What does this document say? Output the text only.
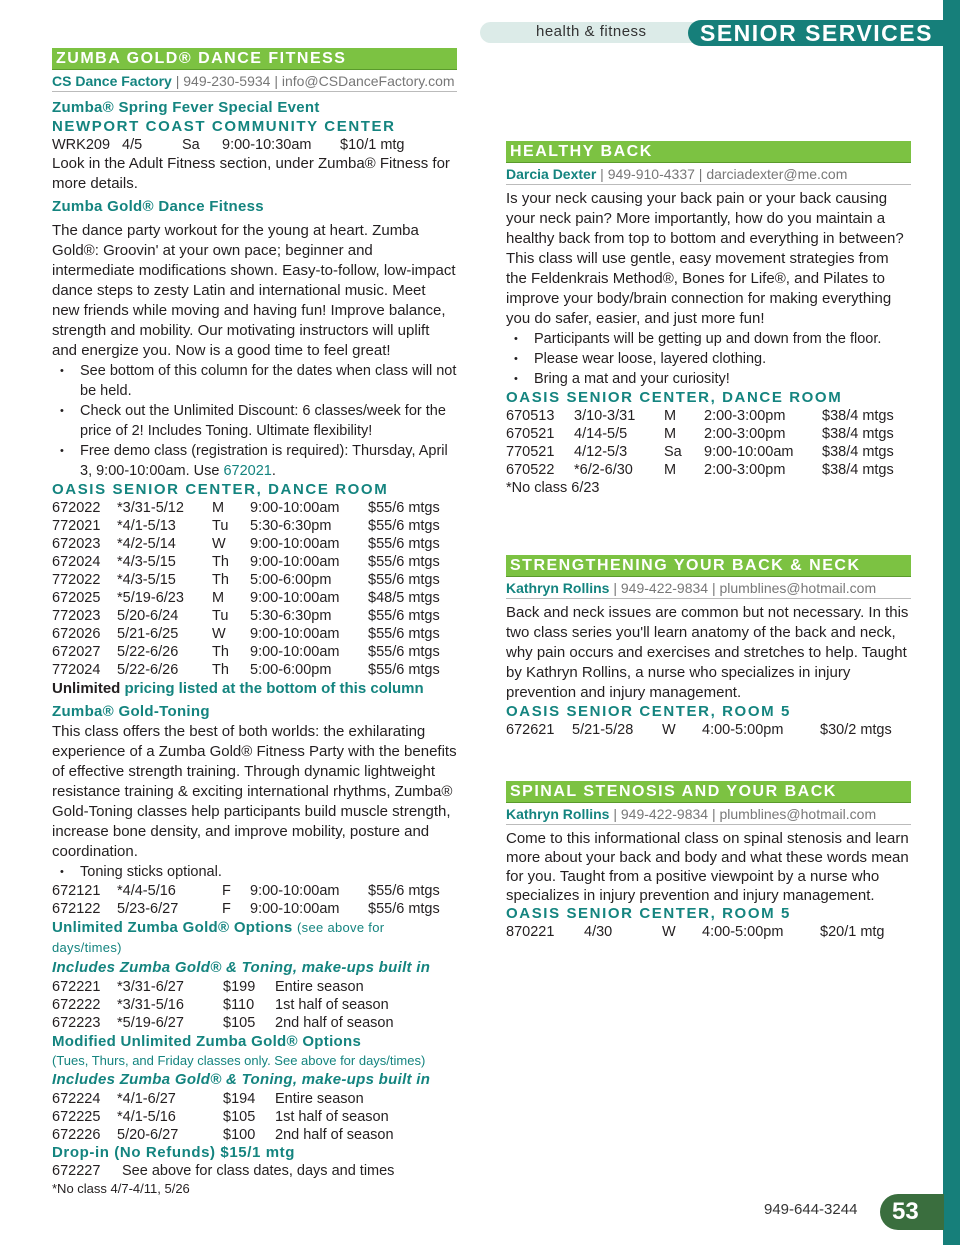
health & fitness	SENIOR SERVICES
ZUMBA GOLD® DANCE FITNESS
CS Dance Factory | 949-230-5934 | info@CSDanceFactory.com
Zumba® Spring Fever Special Event
NEWPORT COAST COMMUNITY CENTER
WRK209 4/5	Sa	9:00-10:30am	$10/1 mtg

Look in the Adult Fitness section, under Zumba® Fitness for more details.

Zumba Gold® Dance Fitness

The dance party workout for the young at heart. Zumba Gold®: Groovin' at your own pace; beginner and intermediate modifications shown. Easy-to-follow, low-impact dance steps to zesty Latin and international music. Meet new friends while moving and having fun! Improve balance, strength and mobility. Our motivating instructors will uplift and energize you. Now is a good time to feel great!

• See bottom of this column for the dates when class will not be held.
• Check out the Unlimited Discount: 6 classes/week for the price of 2! Includes Toning. Ultimate flexibility!
• Free demo class (registration is required): Thursday, April 3, 9:00-10:00am. Use 672021.
OASIS SENIOR CENTER, DANCE ROOM
672022	*3/31-5/12	M	9:00-10:00am	$55/6 mtgs
772021	*4/1-5/13	Tu	5:30-6:30pm	$55/6 mtgs
672023	*4/2-5/14	W	9:00-10:00am	$55/6 mtgs
672024	*4/3-5/15	Th	9:00-10:00am	$55/6 mtgs
772022	*4/3-5/15	Th	5:00-6:00pm	$55/6 mtgs
672025	*5/19-6/23	M	9:00-10:00am	$48/5 mtgs
772023	5/20-6/24	Tu	5:30-6:30pm	$55/6 mtgs
672026	5/21-6/25	W	9:00-10:00am	$55/6 mtgs
672027	5/22-6/26	Th	9:00-10:00am	$55/6 mtgs
772024	5/22-6/26	Th	5:00-6:00pm	$55/6 mtgs

Unlimited pricing listed at the bottom of this column

Zumba® Gold-Toning

This class offers the best of both worlds: the exhilarating experience of a Zumba Gold® Fitness Party with the benefits of effective strength training. Through dynamic lightweight resistance training & exciting international rhythms, Zumba® Gold-Toning classes help participants build muscle strength, increase bone density, and improve mobility, posture and coordination.

• Toning sticks optional.
672121	*4/4-5/16	F	9:00-10:00am	$55/6 mtgs
672122	5/23-6/27	F	9:00-10:00am	$55/6 mtgs
Unlimited Zumba Gold® Options (see above for days/times)
Includes Zumba Gold® & Toning, make-ups built in
672221	*3/31-6/27	$199	Entire season
672222	*3/31-5/16	$110	1st half of season
672223	*5/19-6/27	$105	2nd half of season
Modified Unlimited Zumba Gold® Options
(Tues, Thurs, and Friday classes only. See above for days/times)
Includes Zumba Gold® & Toning, make-ups built in
672224	*4/1-6/27	$194	Entire season
672225	*4/1-5/16	$105	1st half of season
672226	5/20-6/27	$100	2nd half of season
Drop-in (No Refunds) $15/1 mtg
672227	See above for class dates, days and times
*No class 4/7-4/11, 5/26
HEALTHY BACK
Darcia Dexter | 949-910-4337 | darciadexter@me.com

Is your neck causing your back pain or your back causing your neck pain? More importantly, how do you maintain a healthy back from top to bottom and everything in between? This class will use gentle, easy movement strategies from the Feldenkrais Method®, Bones for Life®, and Pilates to improve your body/brain connection for making everything you do safer, easier, and just more fun!

• Participants will be getting up and down from the floor.
• Please wear loose, layered clothing.
• Bring a mat and your curiosity!
OASIS SENIOR CENTER, DANCE ROOM
670513	3/10-3/31	M	2:00-3:00pm	$38/4 mtgs
670521	4/14-5/5	M	2:00-3:00pm	$38/4 mtgs
770521	4/12-5/3	Sa	9:00-10:00am	$38/4 mtgs
670522	*6/2-6/30	M	2:00-3:00pm	$38/4 mtgs
*No class 6/23
STRENGTHENING YOUR BACK & NECK
Kathryn Rollins | 949-422-9834 | plumblines@hotmail.com

Back and neck issues are common but not necessary. In this two class series you'll learn anatomy of the back and neck, why pain occurs and exercises and stretches to help. Taught by Kathryn Rollins, a nurse who specializes in injury prevention and injury management.

OASIS SENIOR CENTER, ROOM 5
672621	5/21-5/28	W	4:00-5:00pm	$30/2 mtgs
SPINAL STENOSIS AND YOUR BACK
Kathryn Rollins | 949-422-9834 | plumblines@hotmail.com

Come to this informational class on spinal stenosis and learn more about your back and body and what these words mean for you. Taught from a positive viewpoint by a nurse who specializes in injury prevention and injury management.

OASIS SENIOR CENTER, ROOM 5
870221	4/30	W	4:00-5:00pm	$20/1 mtg
949-644-3244	53
